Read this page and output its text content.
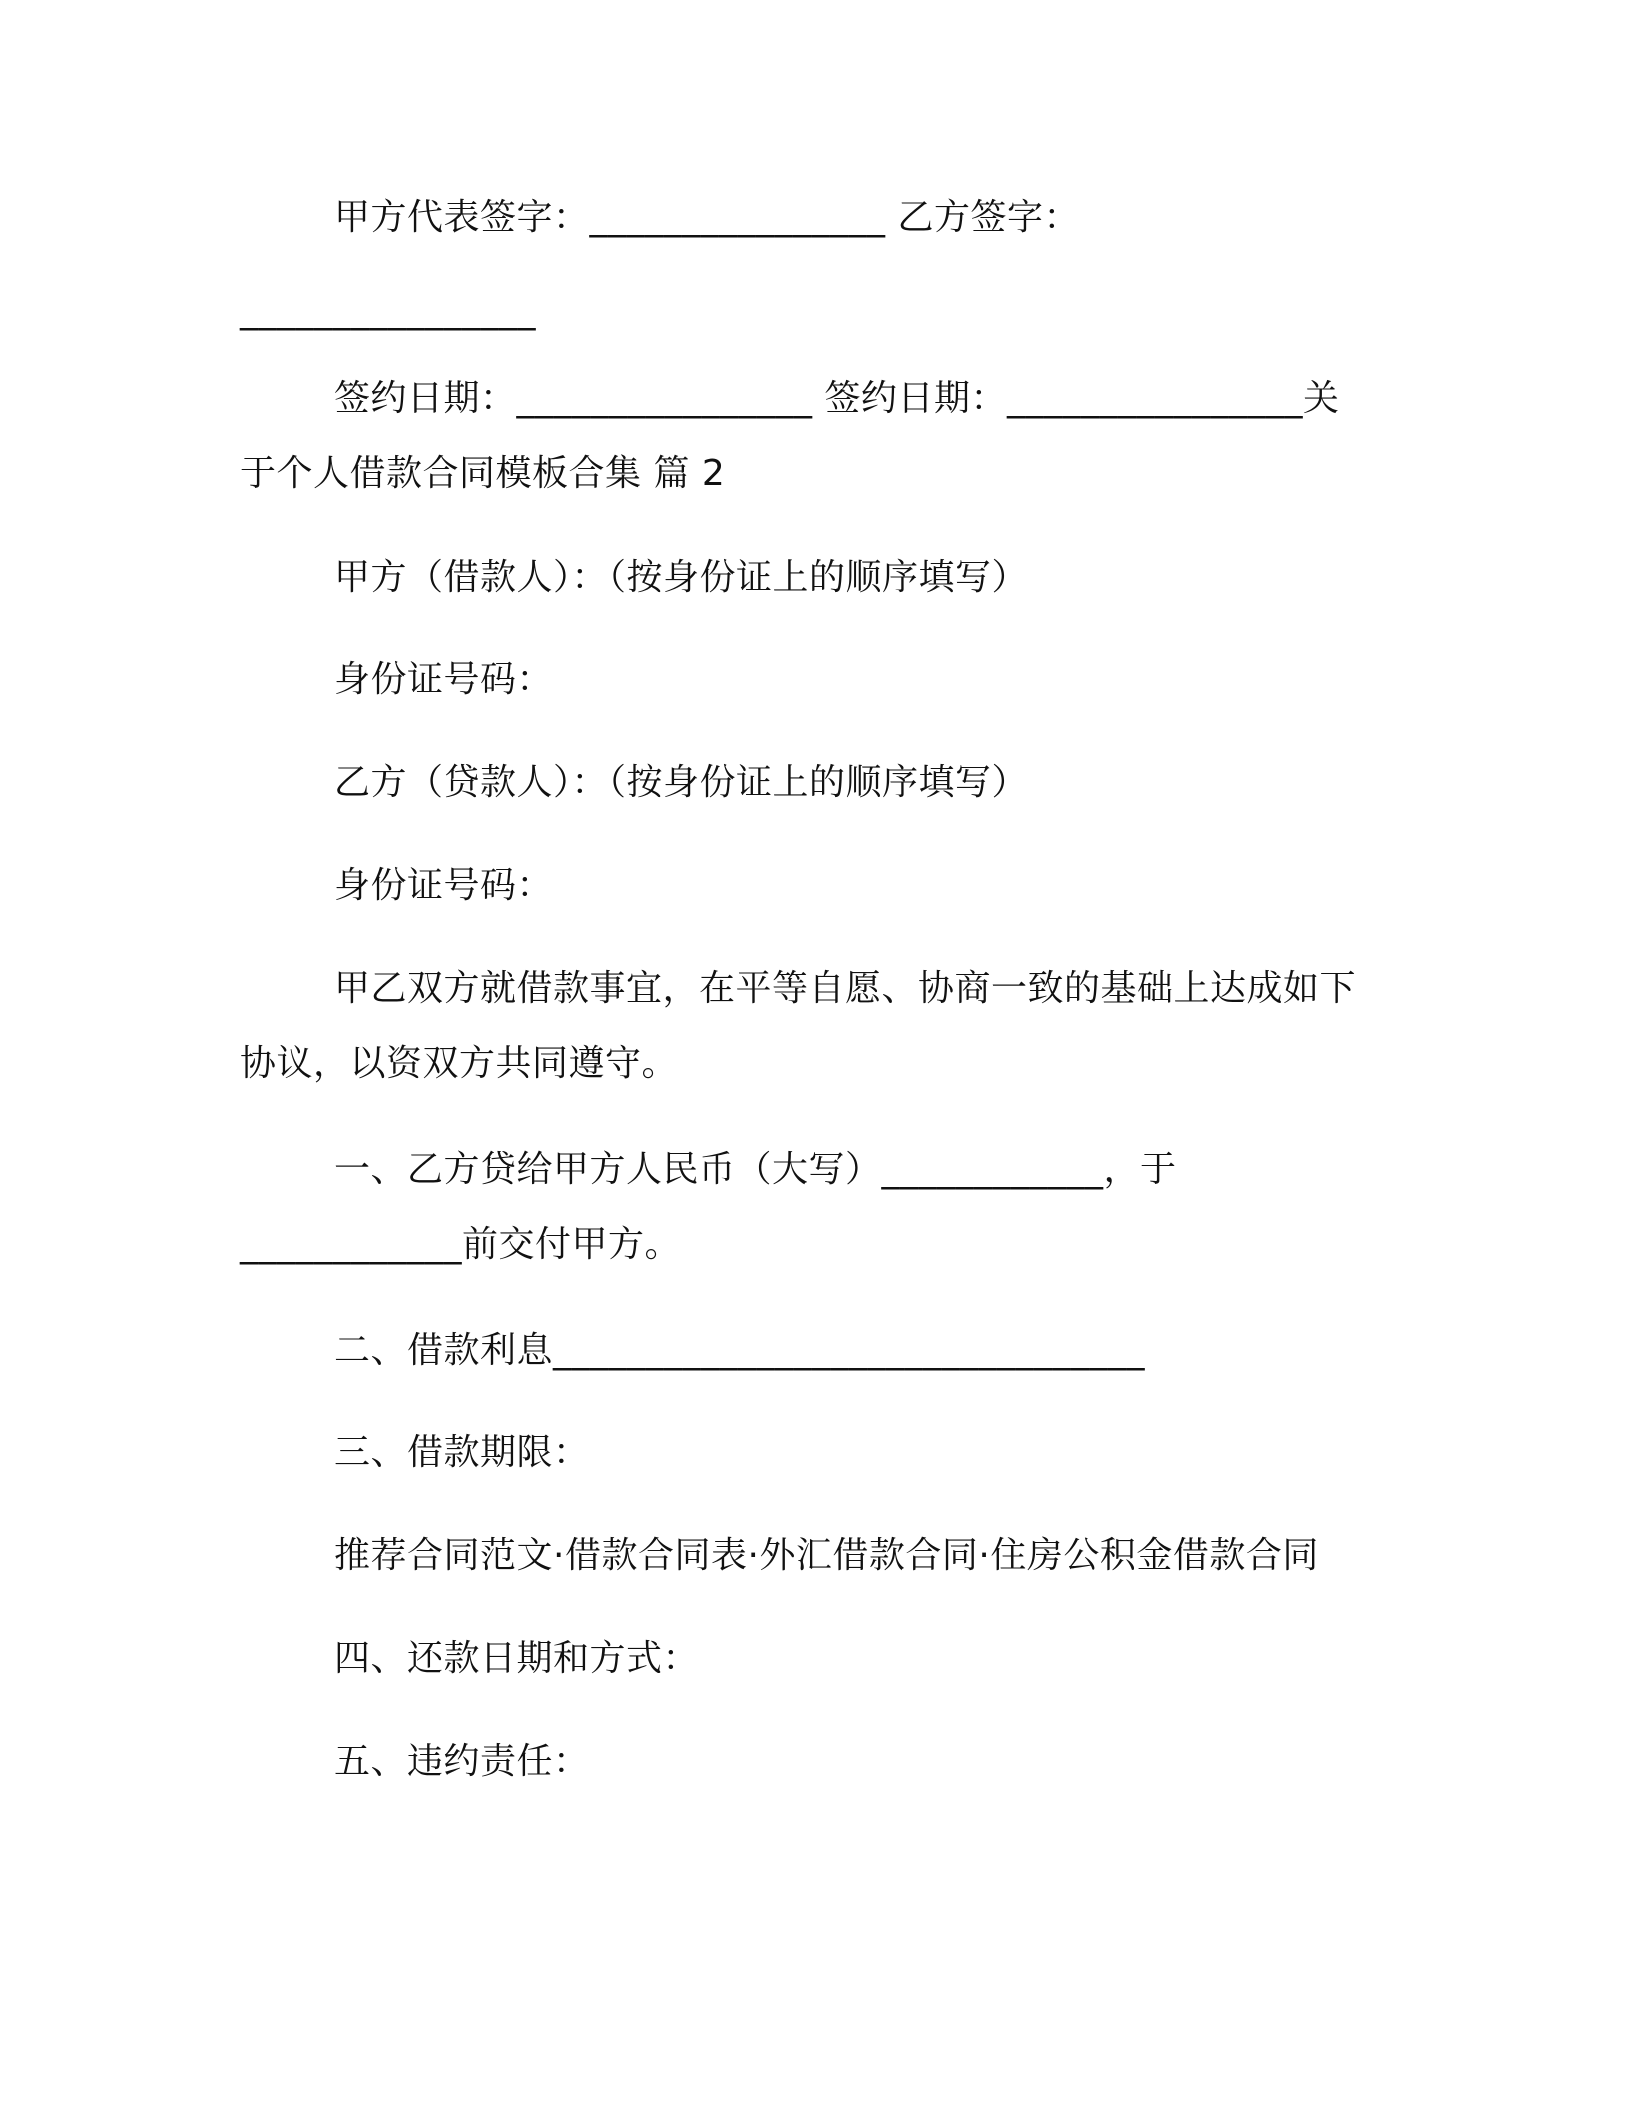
甲方代表签字：________________ 乙方签字：
________________
签约日期：________________ 签约日期：________________关
于个人借款合同模板合集 篇 2
甲方（借款人）：（按身份证上的顺序填写）
身份证号码：
乙方（贷款人）：（按身份证上的顺序填写）
身份证号码：
甲乙双方就借款事宜，在平等自愿、协商一致的基础上达成如下
协议，以资双方共同遵守。
一、乙方贷给甲方人民币（大写）____________，于
____________前交付甲方。
二、借款利息________________________________
三、借款期限：
推荐合同范文·借款合同表·外汇借款合同·住房公积金借款合同
四、还款日期和方式：
五、违约责任：
